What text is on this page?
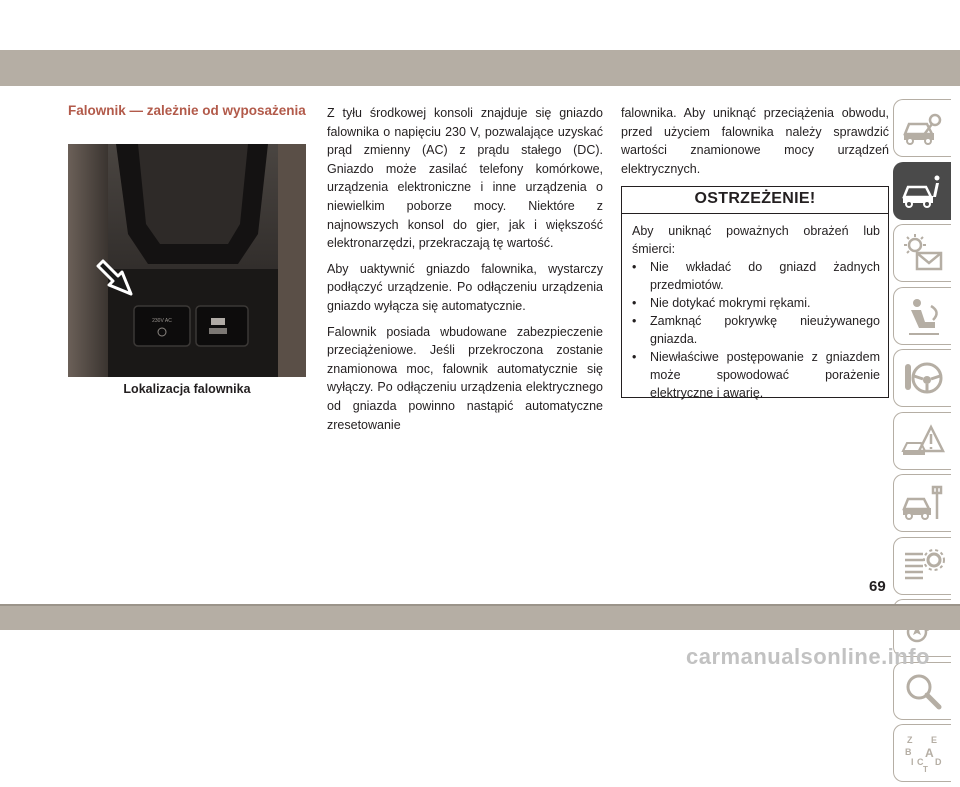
Falownik — zależnie od wyposażenia
230V AC
Lokalizacja falownika

Z tyłu środkowej konsoli znajduje się gniazdo falownika o napięciu 230 V, pozwalające uzyskać prąd zmienny (AC) z prądu stałego (DC). Gniazdo może zasilać telefony komórkowe, urządzenia elektroniczne i inne urządzenia o niewielkim poborze mocy. Niektóre z najnowszych konsol do gier, jak i większość elektronarzędzi, przekraczają tę wartość.

Aby uaktywnić gniazdo falownika, wystarczy podłączyć urządzenie. Po odłączeniu urządzenia gniazdo wyłącza się automatycznie.

Falownik posiada wbudowane zabezpieczenie przeciążeniowe. Jeśli przekroczona zostanie znamionowa moc, falownik automatycznie się wyłączy. Po odłączeniu urządzenia elektrycznego od gniazda powinno nastąpić automatyczne zresetowanie

falownika. Aby uniknąć przeciążenia obwodu, przed użyciem falownika należy sprawdzić wartości znamionowe mocy urządzeń elektrycznych.

OSTRZEŻENIE!
Aby uniknąć poważnych obrażeń lub śmierci:
• Nie wkładać do gniazd żadnych przedmiotów.
• Nie dotykać mokrymi rękami.
• Zamknąć pokrywkę nieużywanego gniazda.
• Niewłaściwe postępowanie z gniazdem może spowodować porażenie elektryczne i awarię.
Z E
B A
I C D
T
69
carmanualsonline.info
